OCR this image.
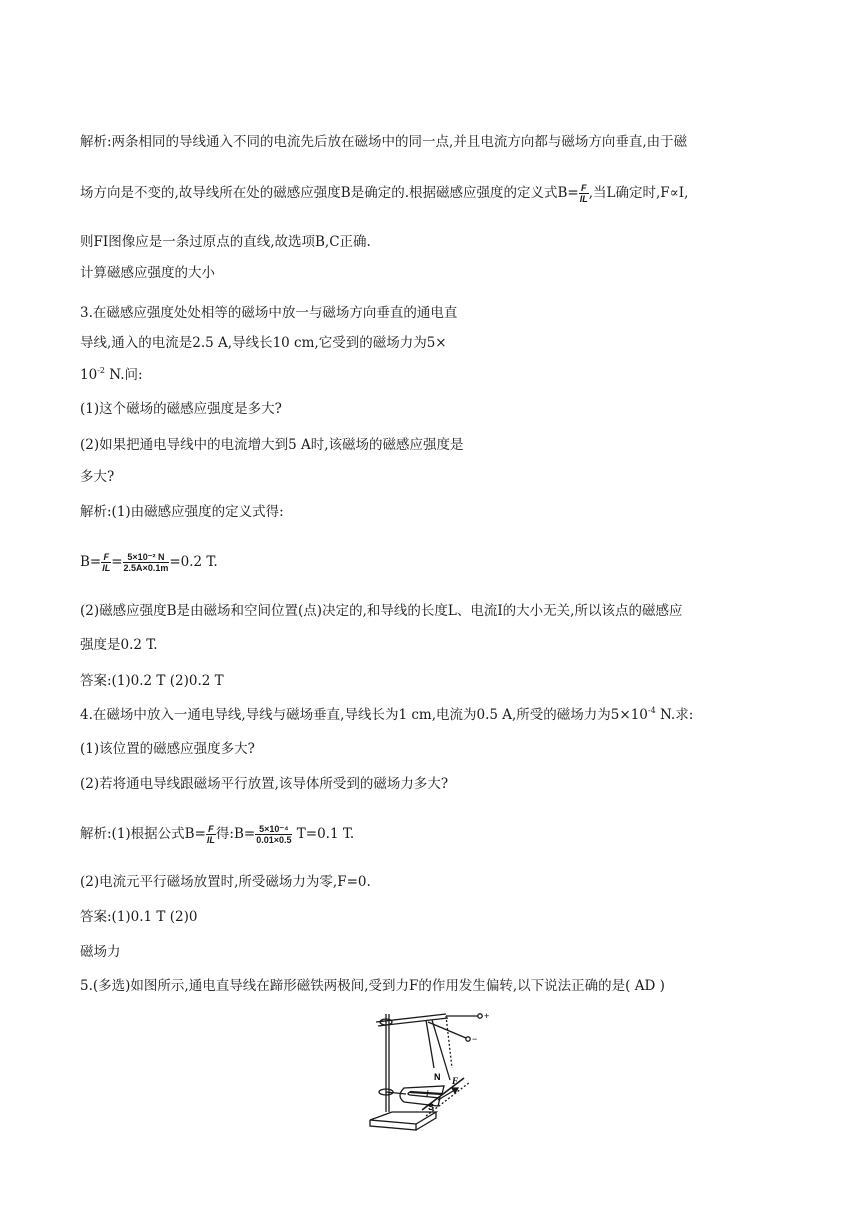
解析:两条相同的导线通入不同的电流先后放在磁场中的同一点,并且电流方向都与磁场方向垂直,由于磁
场方向是不变的,故导线所在处的磁感应强度B是确定的.根据磁感应强度的定义式$B= \frac{F}{IL}$ ,当L确定时,F∝I,
则FI图像应是一条过原点的直线,故选项B,C正确.
计算磁感应强度的大小
3.在磁感应强度处处相等的磁场中放一与磁场方向垂直的通电直
导线,通入的电流是2.5 A,导线长10 cm,它受到的磁场力为5×
$10^{-2}$ N.问:
(1)这个磁场的磁感应强度是多大?
(2)如果把通电导线中的电流增大到5 A时,该磁场的磁感应强度是
多大?
解析:(1)由磁感应强度的定义式得:
$B= \frac{F}{IL} = \frac{\text{5×10⁻² N}}{2.5A\times 0.1m} =0.2$ T.
(2)磁感应强度B是由磁场和空间位置(点)决定的,和导线的长度L、电流I的大小无关,所以该点的磁感应
强度是0.2 T.
答案:(1)0.2 T (2)0.2 T
4.在磁场中放入一通电导线,导线与磁场垂直,导线长为1 cm,电流为0.5 A,所受的磁场力为$5\times 10^{-4}$ N.求:
(1)该位置的磁感应强度多大?
(2)若将通电导线跟磁场平行放置,该导体所受到的磁场力多大?
解析:(1)根据公式$B= \frac{F}{IL}$ 得:B= $\frac{\text{5×10⁻⁴}}{0.01\times 0.5} T=0.1$ T.
(2)电流元平行磁场放置时,所受磁场力为零,F=0.
答案:(1)0.1 T (2)0
磁场力
5.(多选)如图所示,通电直导线在蹄形磁铁两极间,受到力F的作用发生偏转,以下说法正确的是( AD )
+
−
N
S
F
I
